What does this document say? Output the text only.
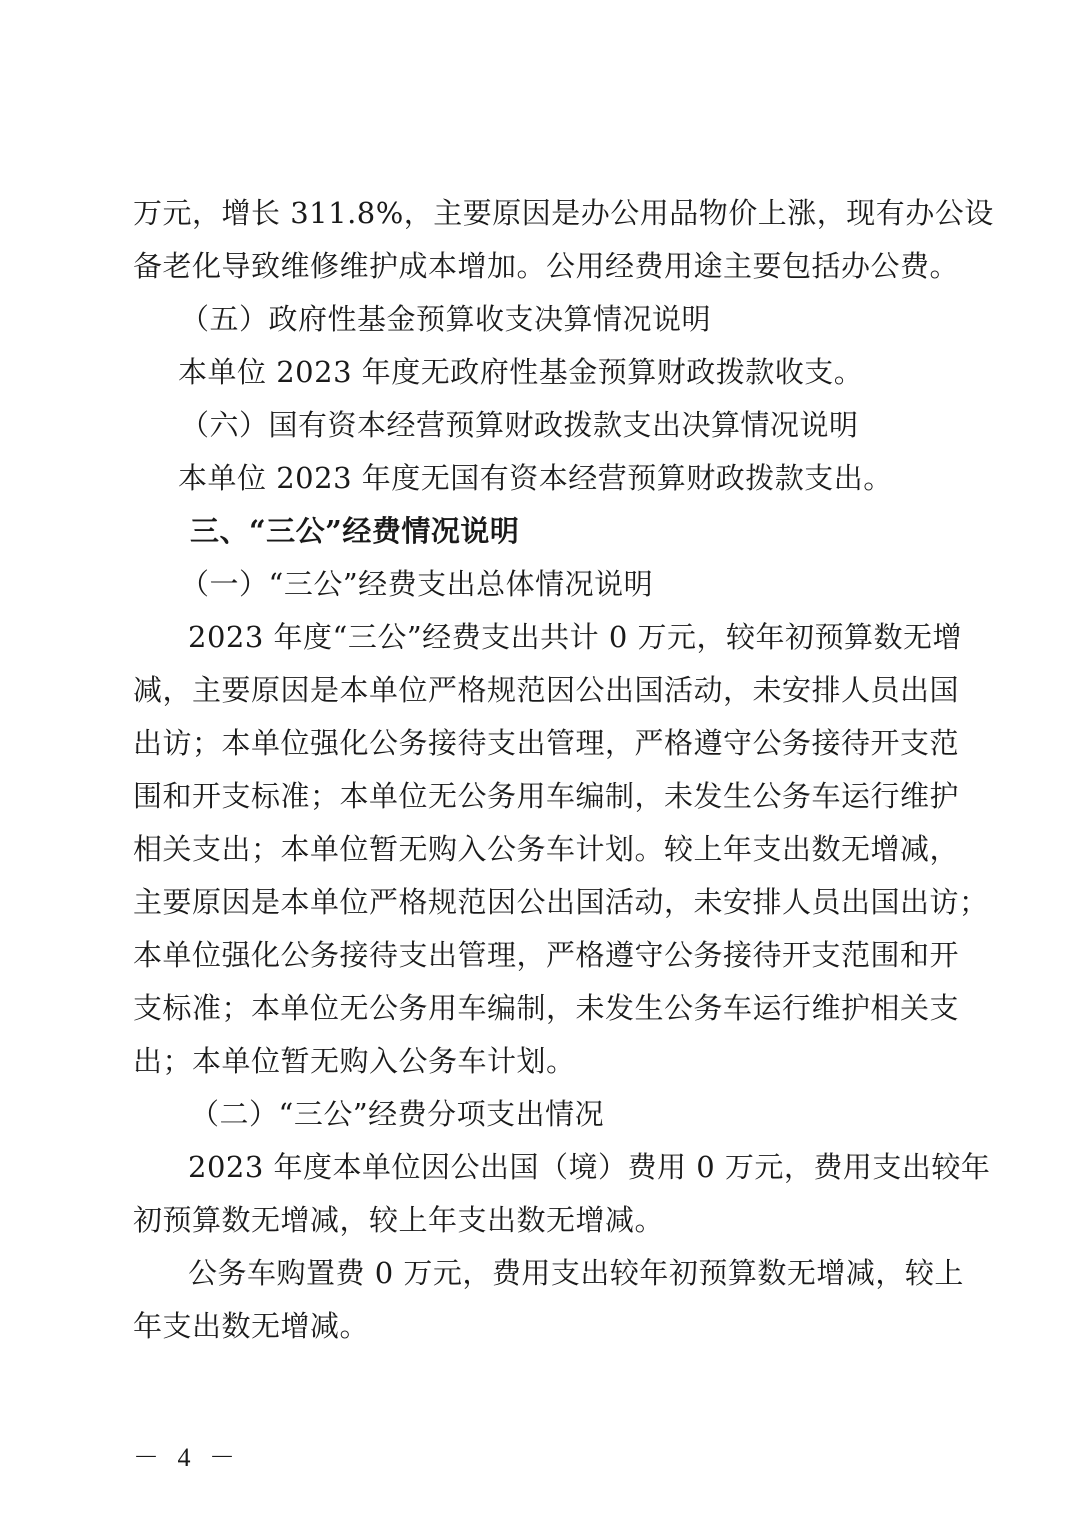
万元，增长 311.8%，主要原因是办公用品物价上涨，现有办公设
备老化导致维修维护成本增加。公用经费用途主要包括办公费。
（五）政府性基金预算收支决算情况说明
本单位 2023 年度无政府性基金预算财政拨款收支。
（六）国有资本经营预算财政拨款支出决算情况说明
本单位 2023 年度无国有资本经营预算财政拨款支出。
三、“三公”经费情况说明
（一）“三公”经费支出总体情况说明
2023 年度“三公”经费支出共计 0 万元，较年初预算数无增
减，主要原因是本单位严格规范因公出国活动，未安排人员出国
出访；本单位强化公务接待支出管理，严格遵守公务接待开支范
围和开支标准；本单位无公务用车编制，未发生公务车运行维护
相关支出；本单位暂无购入公务车计划。较上年支出数无增减，
主要原因是本单位严格规范因公出国活动，未安排人员出国出访；
本单位强化公务接待支出管理，严格遵守公务接待开支范围和开
支标准；本单位无公务用车编制，未发生公务车运行维护相关支
出；本单位暂无购入公务车计划。
（二）“三公”经费分项支出情况
2023 年度本单位因公出国（境）费用 0 万元，费用支出较年
初预算数无增减，较上年支出数无增减。
公务车购置费 0 万元，费用支出较年初预算数无增减，较上
年支出数无增减。
－ 4 －
